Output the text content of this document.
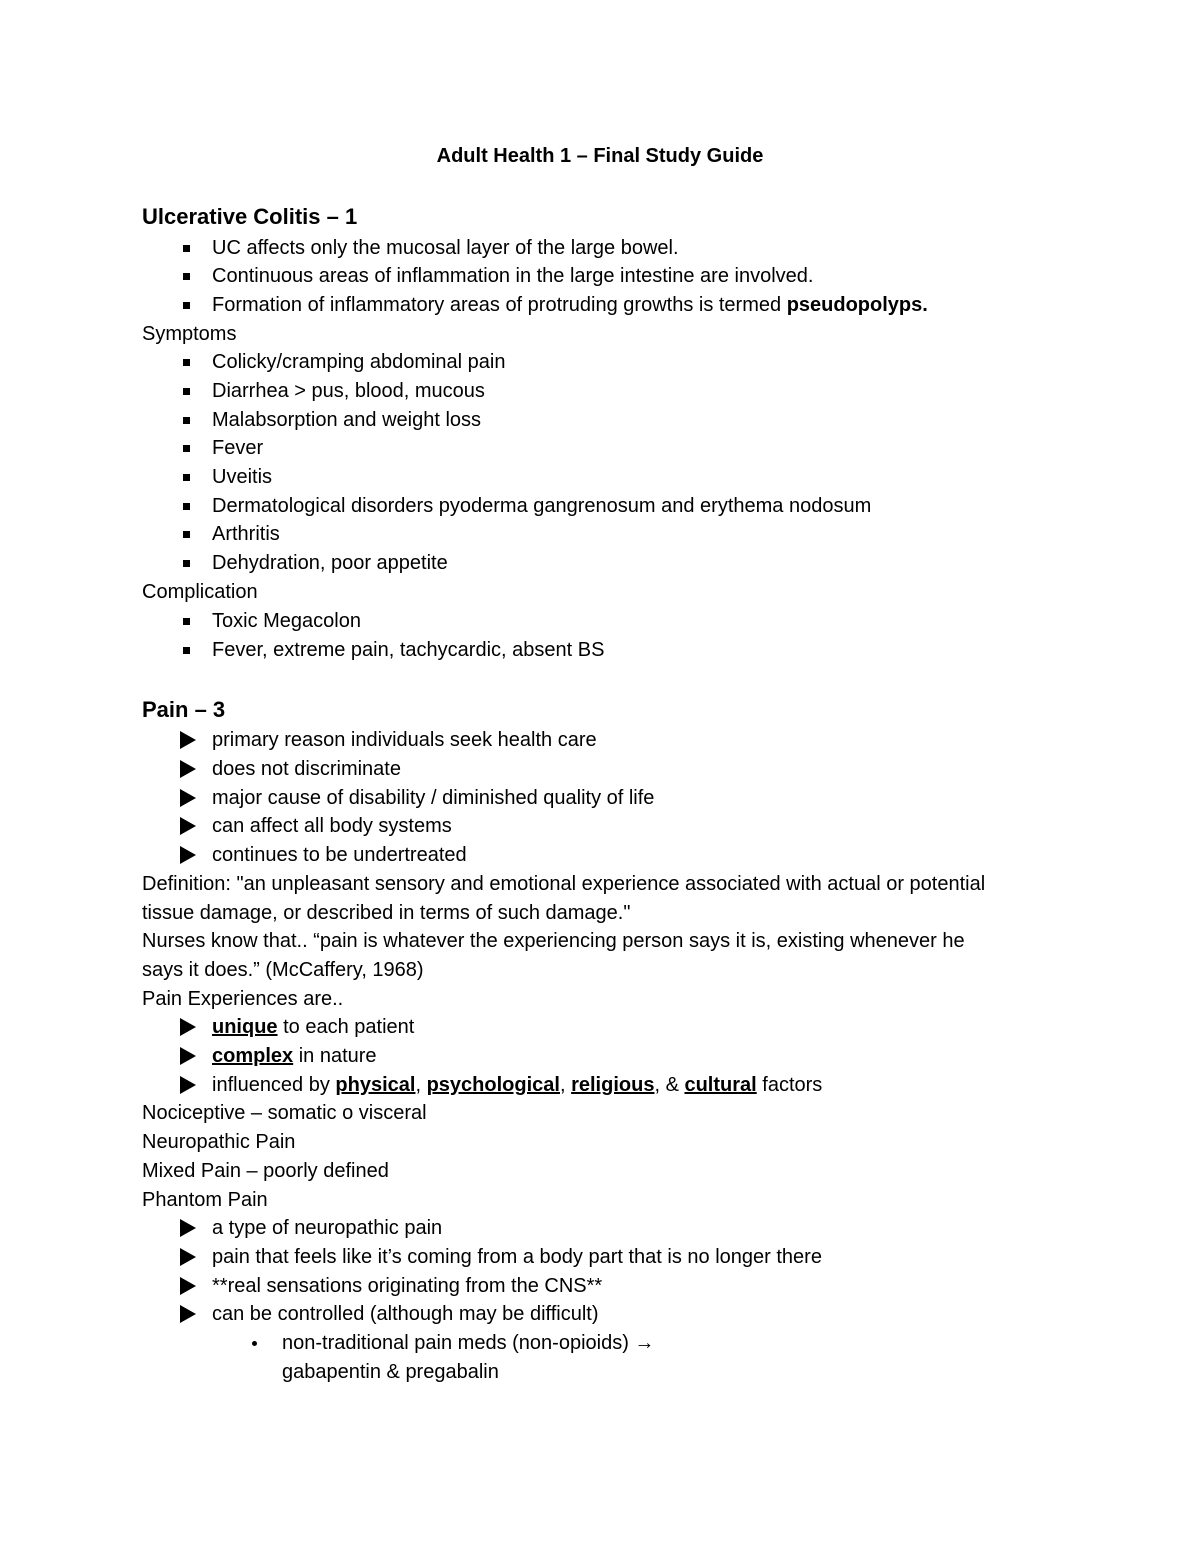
Adult Health 1 – Final Study Guide
Ulcerative Colitis – 1
UC affects only the mucosal layer of the large bowel.
Continuous areas of inflammation in the large intestine are involved.
Formation of inflammatory areas of protruding growths is termed pseudopolyps.
Symptoms
Colicky/cramping abdominal pain
Diarrhea > pus, blood, mucous
Malabsorption and weight loss
Fever
Uveitis
Dermatological disorders pyoderma gangrenosum and erythema nodosum
Arthritis
Dehydration, poor appetite
Complication
Toxic Megacolon
Fever, extreme pain, tachycardic, absent BS
Pain – 3
primary reason individuals seek health care
does not discriminate
major cause of disability / diminished quality of life
can affect all body systems
continues to be undertreated
Definition: "an unpleasant sensory and emotional experience associated with actual or potential
tissue damage, or described in terms of such damage."
Nurses know that.. “pain is whatever the experiencing person says it is, existing whenever he
says it does.” (McCaffery, 1968)
Pain Experiences are..
unique to each patient
complex in nature
influenced by physical, psychological, religious, & cultural factors
Nociceptive – somatic o visceral
Neuropathic Pain
Mixed Pain – poorly defined
Phantom Pain
a type of neuropathic pain
pain that feels like it’s coming from a body part that is no longer there
**real sensations originating from the CNS**
can be controlled (although may be difficult)
non-traditional pain meds (non-opioids) →
gabapentin & pregabalin
